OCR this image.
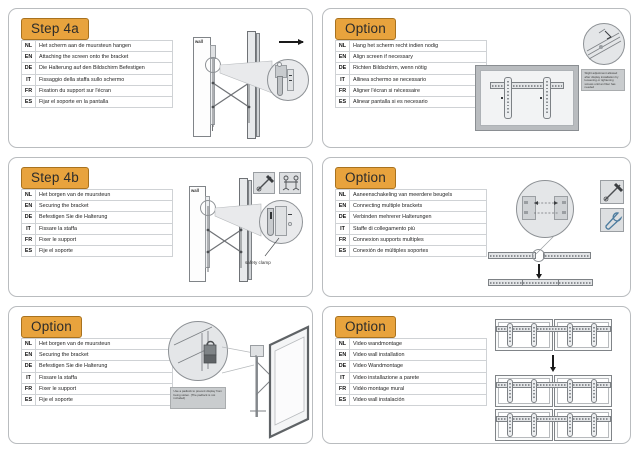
Step 4a
NL	Het scherm aan de muursteun hangen
EN	Attaching the screen onto the bracket
DE	Die Halterung auf den Bildschirm Befestigen
IT	Fissaggio della staffa sullo schermo
FR	Fixation du support sur l'écran
ES	Fijar el soporte en la pantalla
wall
Option
NL	Hang het scherm recht indien nodig
EN	Align screen if necessary
DE	Richten Bildschirm, wenn nötig
IT	Allinea schermo se necessario
FR	Aligner l'écran si nécessaire
ES	Alinear pantalla si es necesario
Slight adjustment allowed after display installation by loosening or tightening screws until an fitter has needed
Step 4b
NL	Het borgen van de muursteun
EN	Securing the bracket
DE	Befestigen Sie die Halterung
IT	Fissare la staffa
FR	Fixer le support
ES	Fije el soporte
wall
safety clamp
Option
NL	Aaneenschakeling van meerdere beugels
EN	Connecting multiple brackets
DE	Verbinden mehrerer Halterungen
IT	Staffe di collegamento più
FR	Connexion supports multiples
ES	Conexión de múltiples soportes
Option
NL	Het borgen van de muursteun
EN	Securing the bracket
DE	Befestigen Sie die Halterung
IT	Fissare la staffa
FR	Fixer le support
ES	Fije el soporte
Use a padlock to prevent display from being stolen. (The padlock is not included)
Option
NL	Video wandmontage
EN	Video wall installation
DE	Video Wandmontage
IT	Video installazione a parete
FR	Vidéo montage mural
ES	Video wall instalación
